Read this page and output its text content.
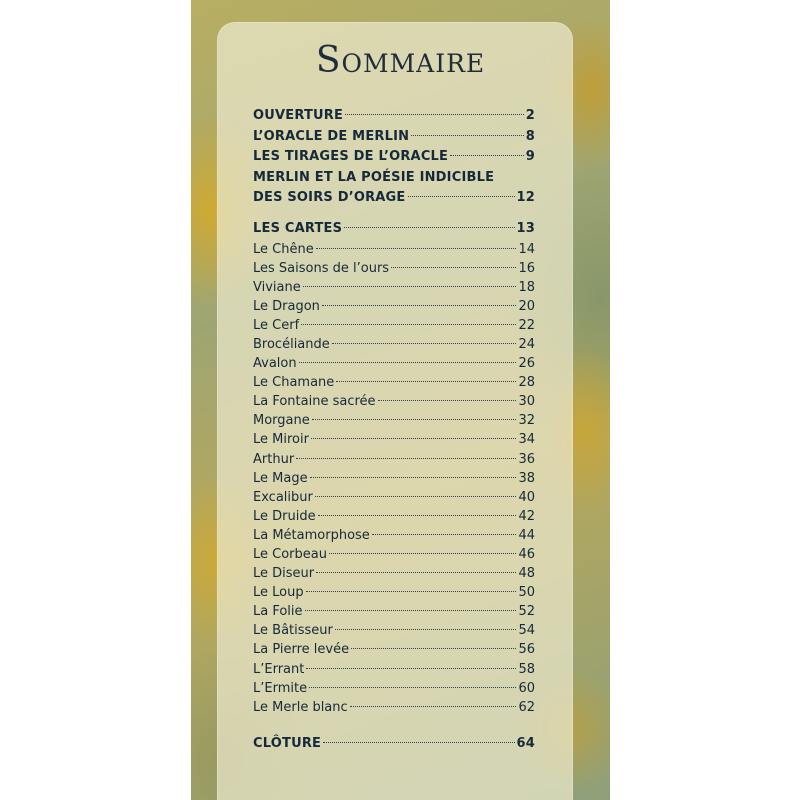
Sommaire
OUVERTURE	2
L’ORACLE DE MERLIN	8
LES TIRAGES DE L’ORACLE	9
MERLIN ET LA POÉSIE INDICIBLE
DES SOIRS D’ORAGE	12
LES CARTES	13
Le Chêne	14
Les Saisons de l’ours	16
Viviane	18
Le Dragon	20
Le Cerf	22
Brocéliande	24
Avalon	26
Le Chamane	28
La Fontaine sacrée	30
Morgane	32
Le Miroir	34
Arthur	36
Le Mage	38
Excalibur	40
Le Druide	42
La Métamorphose	44
Le Corbeau	46
Le Diseur	48
Le Loup	50
La Folie	52
Le Bâtisseur	54
La Pierre levée	56
L’Errant	58
L’Ermite	60
Le Merle blanc	62
CLÔTURE	64
